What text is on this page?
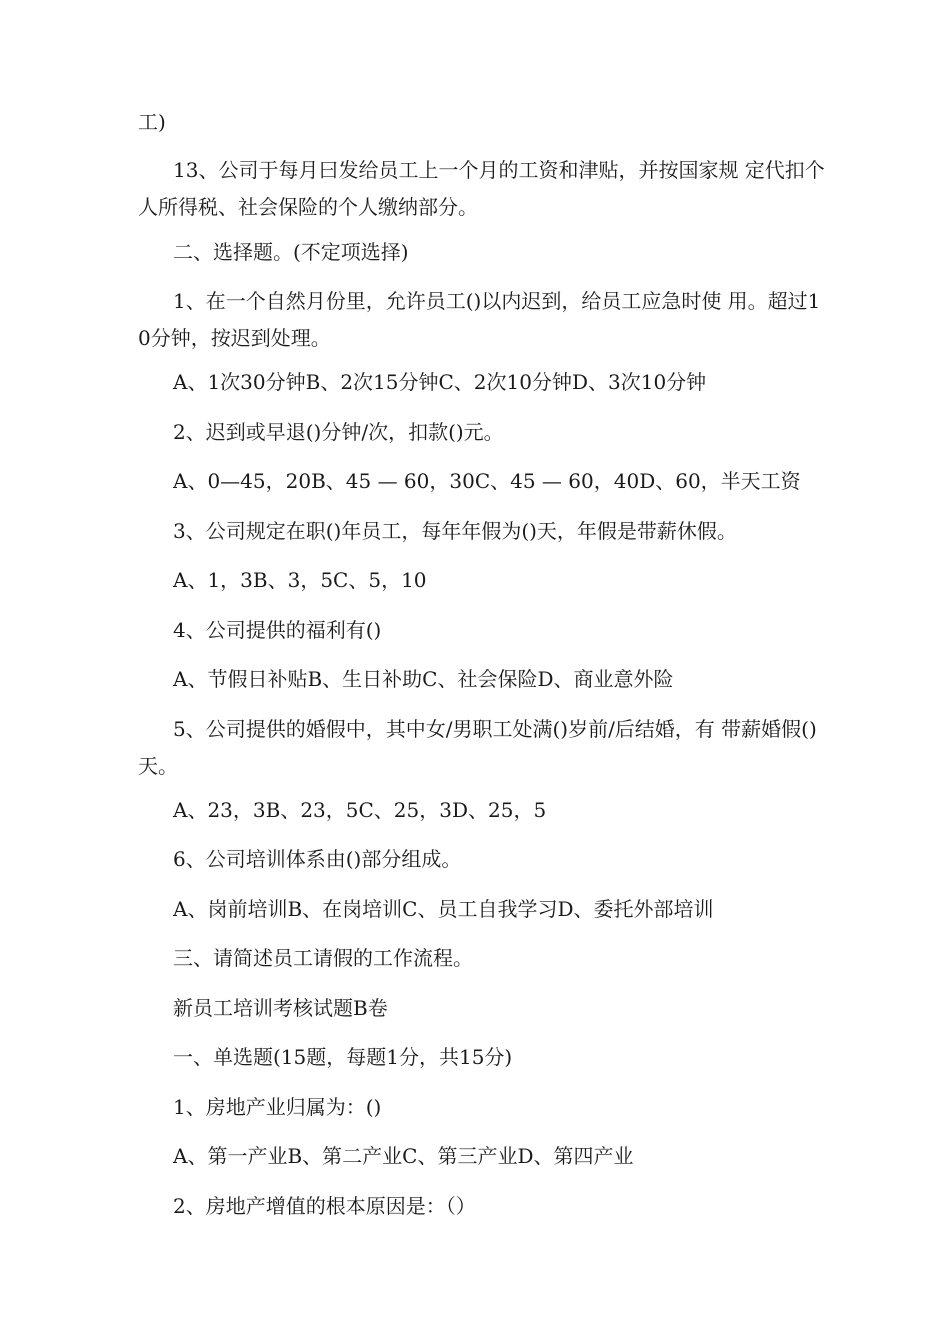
工)

13、公司于每月曰发给员工上一个月的工资和津贴，并按国家规 定代扣个人所得税、社会保险的个人缴纳部分。

二、选择题。(不定项选择)

1、在一个自然月份里，允许员工()以内迟到，给员工应急时使 用。超过10分钟，按迟到处理。

A、1次30分钟B、2次15分钟C、2次10分钟D、3次10分钟

2、迟到或早退()分钟/次，扣款()元。

A、0—45，20B、45 — 60，30C、45 — 60，40D、60，半天工资

3、公司规定在职()年员工，每年年假为()天，年假是带薪休假。

A、1，3B、3，5C、5，10

4、公司提供的福利有()

A、节假日补贴B、生日补助C、社会保险D、商业意外险

5、公司提供的婚假中，其中女/男职工处满()岁前/后结婚，有 带薪婚假()天。

A、23，3B、23，5C、25，3D、25，5

6、公司培训体系由()部分组成。

A、岗前培训B、在岗培训C、员工自我学习D、委托外部培训

三、请简述员工请假的工作流程。

新员工培训考核试题B卷

一、单选题(15题，每题1分，共15分)

1、房地产业归属为：()

A、第一产业B、第二产业C、第三产业D、第四产业

2、房地产增值的根本原因是：（）
